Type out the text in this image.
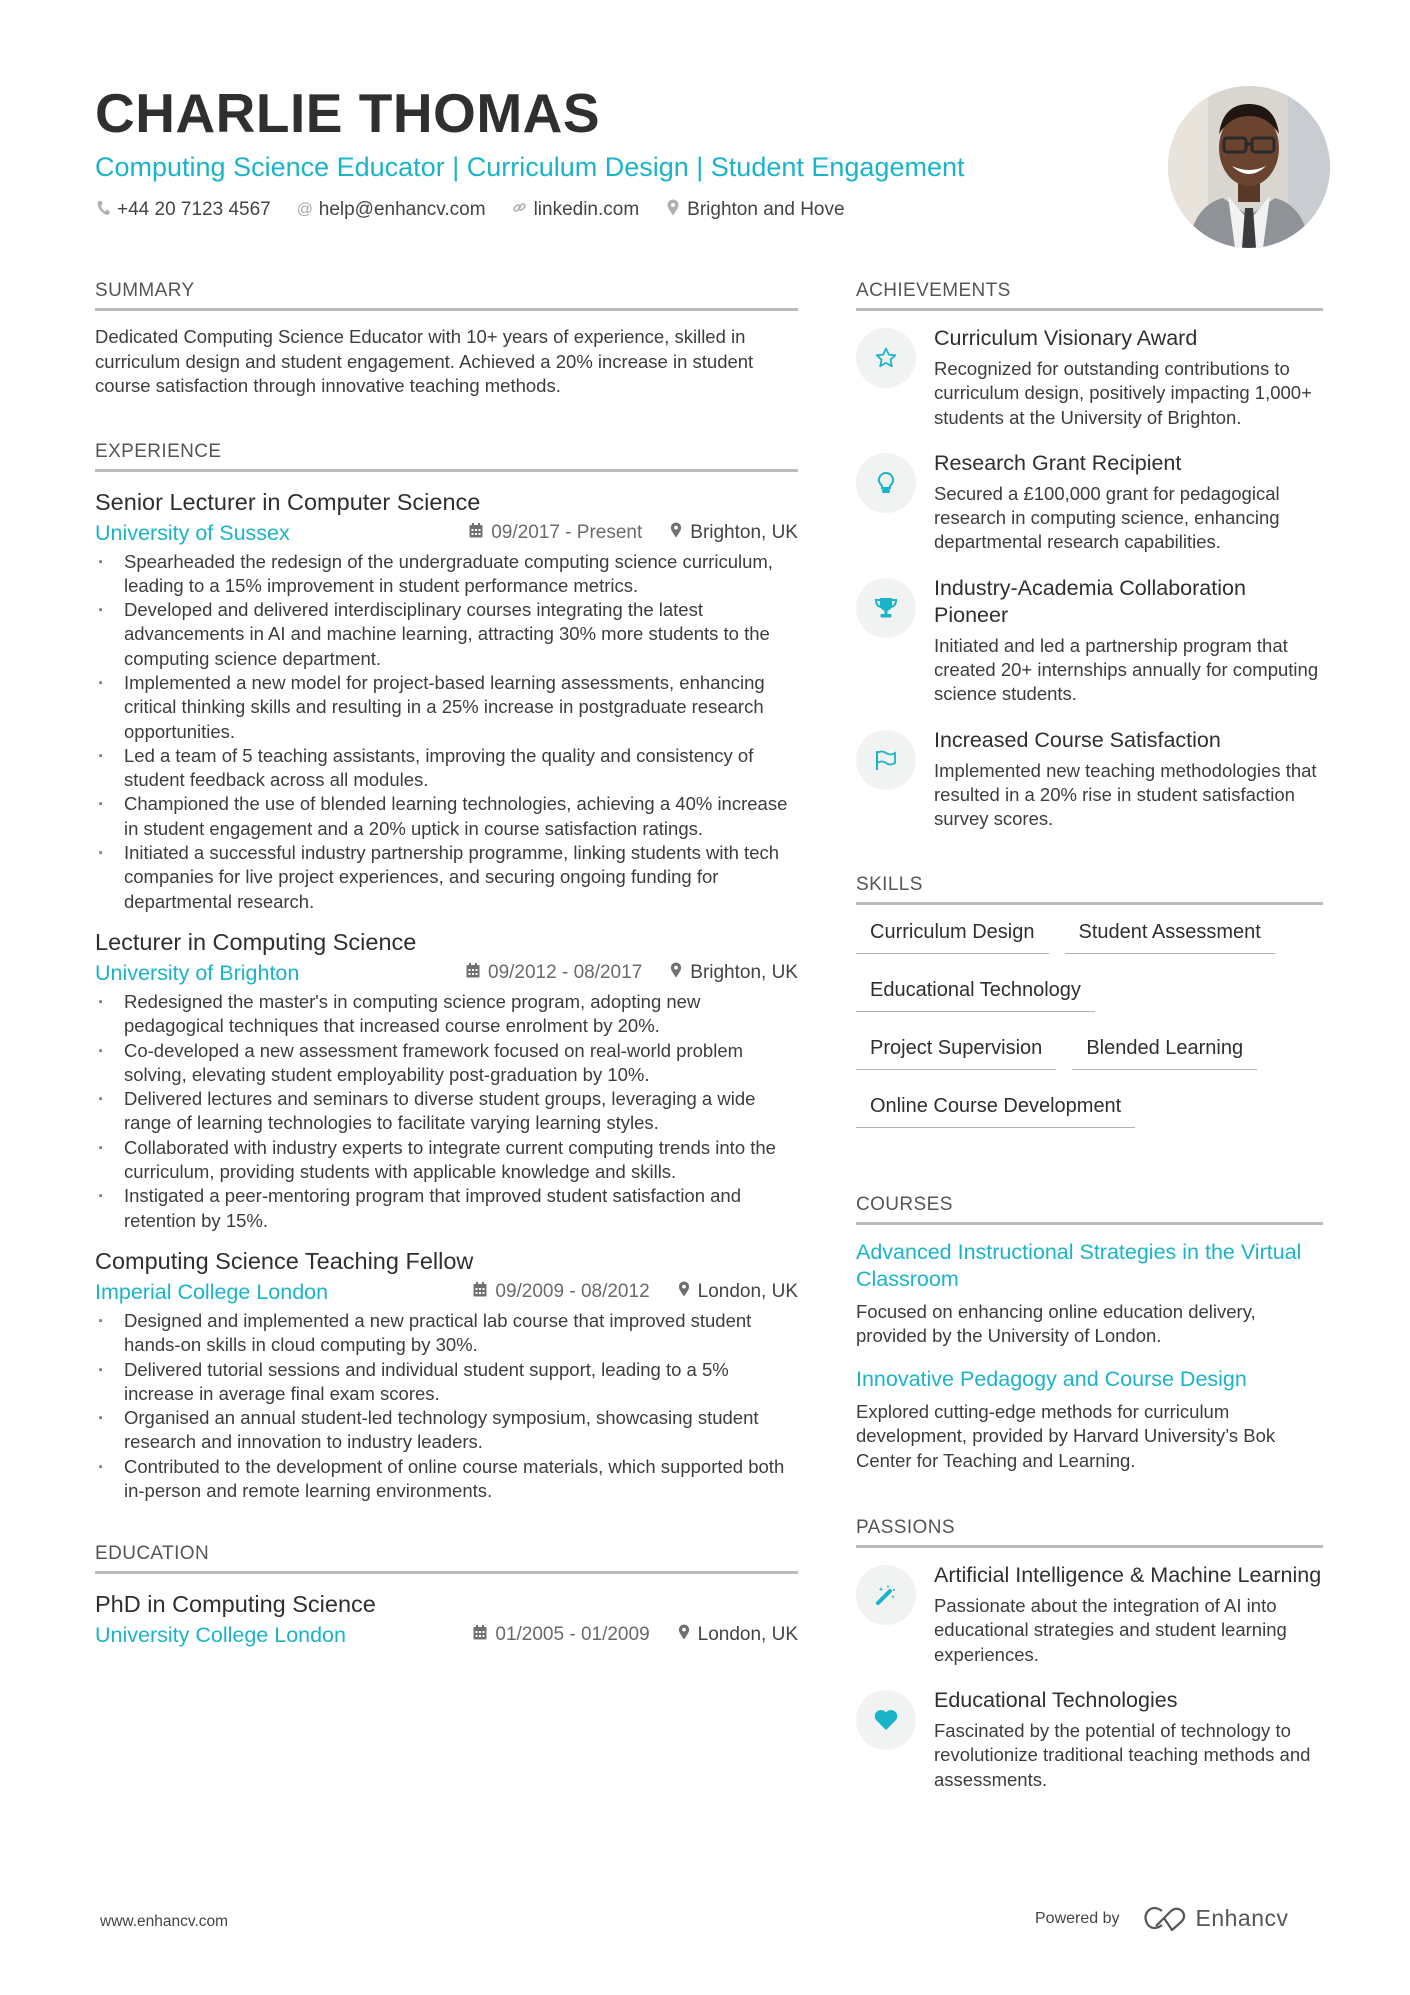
CHARLIE THOMAS
Computing Science Educator | Curriculum Design | Student Engagement
+44 20 7123 4567 @ help@enhancv.com	linkedin.com	Brighton and Hove
SUMMARY

Dedicated Computing Science Educator with 10+ years of experience, skilled in curriculum design and student engagement. Achieved a 20% increase in student course satisfaction through innovative teaching methods.

EXPERIENCE
Senior Lecturer in Computer Science
University of Sussex	09/2017 - Present	Brighton, UK
· Spearheaded the redesign of the undergraduate computing science curriculum, leading to a 15% improvement in student performance metrics.
· Developed and delivered interdisciplinary courses integrating the latest advancements in AI and machine learning, attracting 30% more students to the computing science department.
· Implemented a new model for project-based learning assessments, enhancing critical thinking skills and resulting in a 25% increase in postgraduate research opportunities.
· Led a team of 5 teaching assistants, improving the quality and consistency of student feedback across all modules.
· Championed the use of blended learning technologies, achieving a 40% increase in student engagement and a 20% uptick in course satisfaction ratings.
· Initiated a successful industry partnership programme, linking students with tech companies for live project experiences, and securing ongoing funding for departmental research.
Lecturer in Computing Science
University of Brighton	09/2012 - 08/2017	Brighton, UK
· Redesigned the master's in computing science program, adopting new pedagogical techniques that increased course enrolment by 20%.
· Co-developed a new assessment framework focused on real-world problem solving, elevating student employability post-graduation by 10%.
· Delivered lectures and seminars to diverse student groups, leveraging a wide range of learning technologies to facilitate varying learning styles.
· Collaborated with industry experts to integrate current computing trends into the curriculum, providing students with applicable knowledge and skills.
· Instigated a peer-mentoring program that improved student satisfaction and retention by 15%.
Computing Science Teaching Fellow
Imperial College London	09/2009 - 08/2012	London, UK
· Designed and implemented a new practical lab course that improved student hands-on skills in cloud computing by 30%.
· Delivered tutorial sessions and individual student support, leading to a 5% increase in average final exam scores.
· Organised an annual student-led technology symposium, showcasing student research and innovation to industry leaders.
· Contributed to the development of online course materials, which supported both in-person and remote learning environments.
EDUCATION
PhD in Computing Science
University College London	01/2005 - 01/2009	London, UK
ACHIEVEMENTS
Curriculum Visionary Award
Recognized for outstanding contributions to curriculum design, positively impacting 1,000+ students at the University of Brighton.
Research Grant Recipient
Secured a £100,000 grant for pedagogical research in computing science, enhancing departmental research capabilities.
Industry-Academia Collaboration Pioneer
Initiated and led a partnership program that created 20+ internships annually for computing science students.
Increased Course Satisfaction
Implemented new teaching methodologies that resulted in a 20% rise in student satisfaction survey scores.
SKILLS
Curriculum Design	Student Assessment
Educational Technology
Project Supervision	Blended Learning
Online Course Development
COURSES
Advanced Instructional Strategies in the Virtual Classroom
Focused on enhancing online education delivery, provided by the University of London.
Innovative Pedagogy and Course Design
Explored cutting-edge methods for curriculum development, provided by Harvard University’s Bok Center for Teaching and Learning.
PASSIONS
Artificial Intelligence & Machine Learning
Passionate about the integration of AI into educational strategies and student learning experiences.
Educational Technologies
Fascinated by the potential of technology to revolutionize traditional teaching methods and assessments.
www.enhancv.com	Powered by	Enhancv
